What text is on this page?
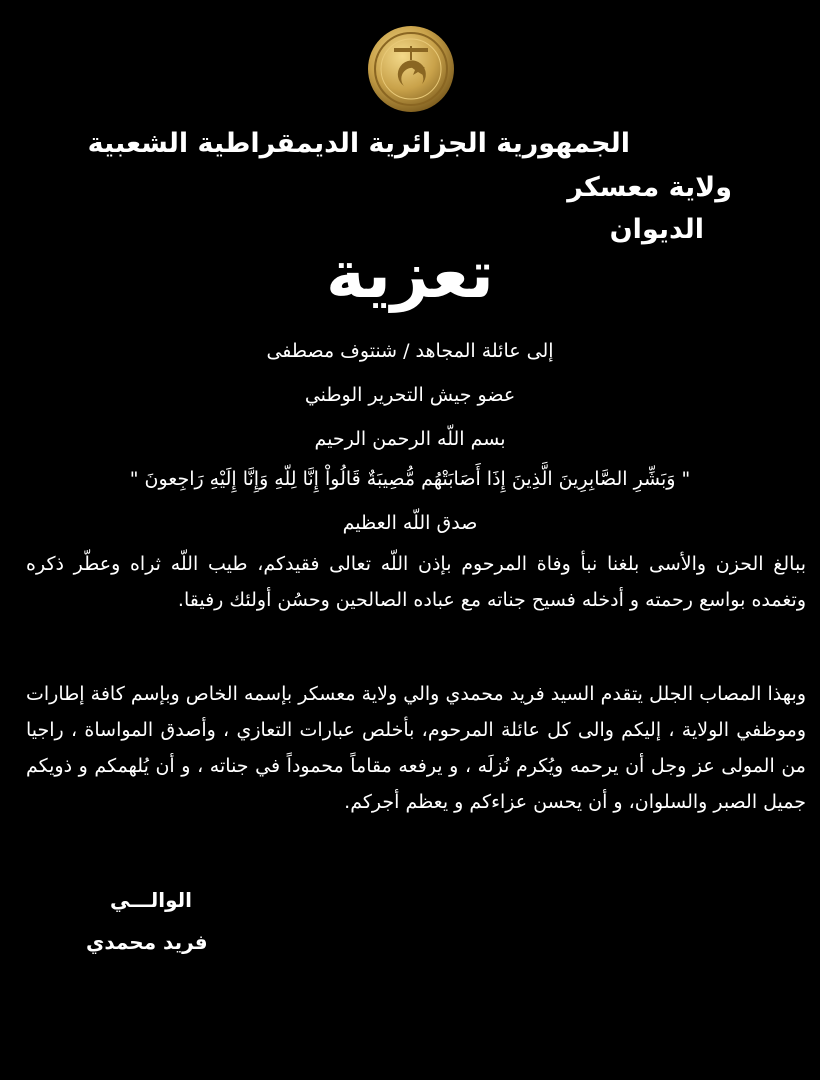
الجمهورية الجزائرية الديمقراطية الشعبية
ولاية معسكر
الديوان
تعزية
إلى عائلة المجاهد / شنتوف مصطفى
عضو جيش التحرير الوطني
بسم اللّه الرحمن الرحيم
" وَبَشِّرِ الصَّابِرِينَ الَّذِينَ إِذَا أَصَابَتْهُم مُّصِيبَةٌ قَالُواْ إِنَّا لِلّهِ وَإِنَّا إِلَيْهِ رَاجِعونَ "
صدق اللّه العظيم
ببالغ الحزن والأسى بلغنا نبأ وفاة المرحوم بإذن اللّه تعالى فقيدكم، طيب اللّه ثراه وعطّر ذكره وتغمده بواسع رحمته و أدخله فسيح جناته مع عباده الصالحين وحسُن أولئك رفيقا.
وبهذا المصاب الجلل يتقدم السيد فريد محمدي والي ولاية معسكر بإسمه الخاص وبإسم كافة إطارات وموظفي الولاية ، إليكم والى كل عائلة المرحوم، بأخلص عبارات التعازي ، وأصدق المواساة ، راجيا من المولى عز وجل أن يرحمه ويُكرم نُزلَه ، و يرفعه مقاماً محموداً في جناته ، و أن يُلهمكم و ذويكم جميل الصبر والسلوان، و أن يحسن عزاءكم و يعظم أجركم.
الوالـــي
فريد محمدي
